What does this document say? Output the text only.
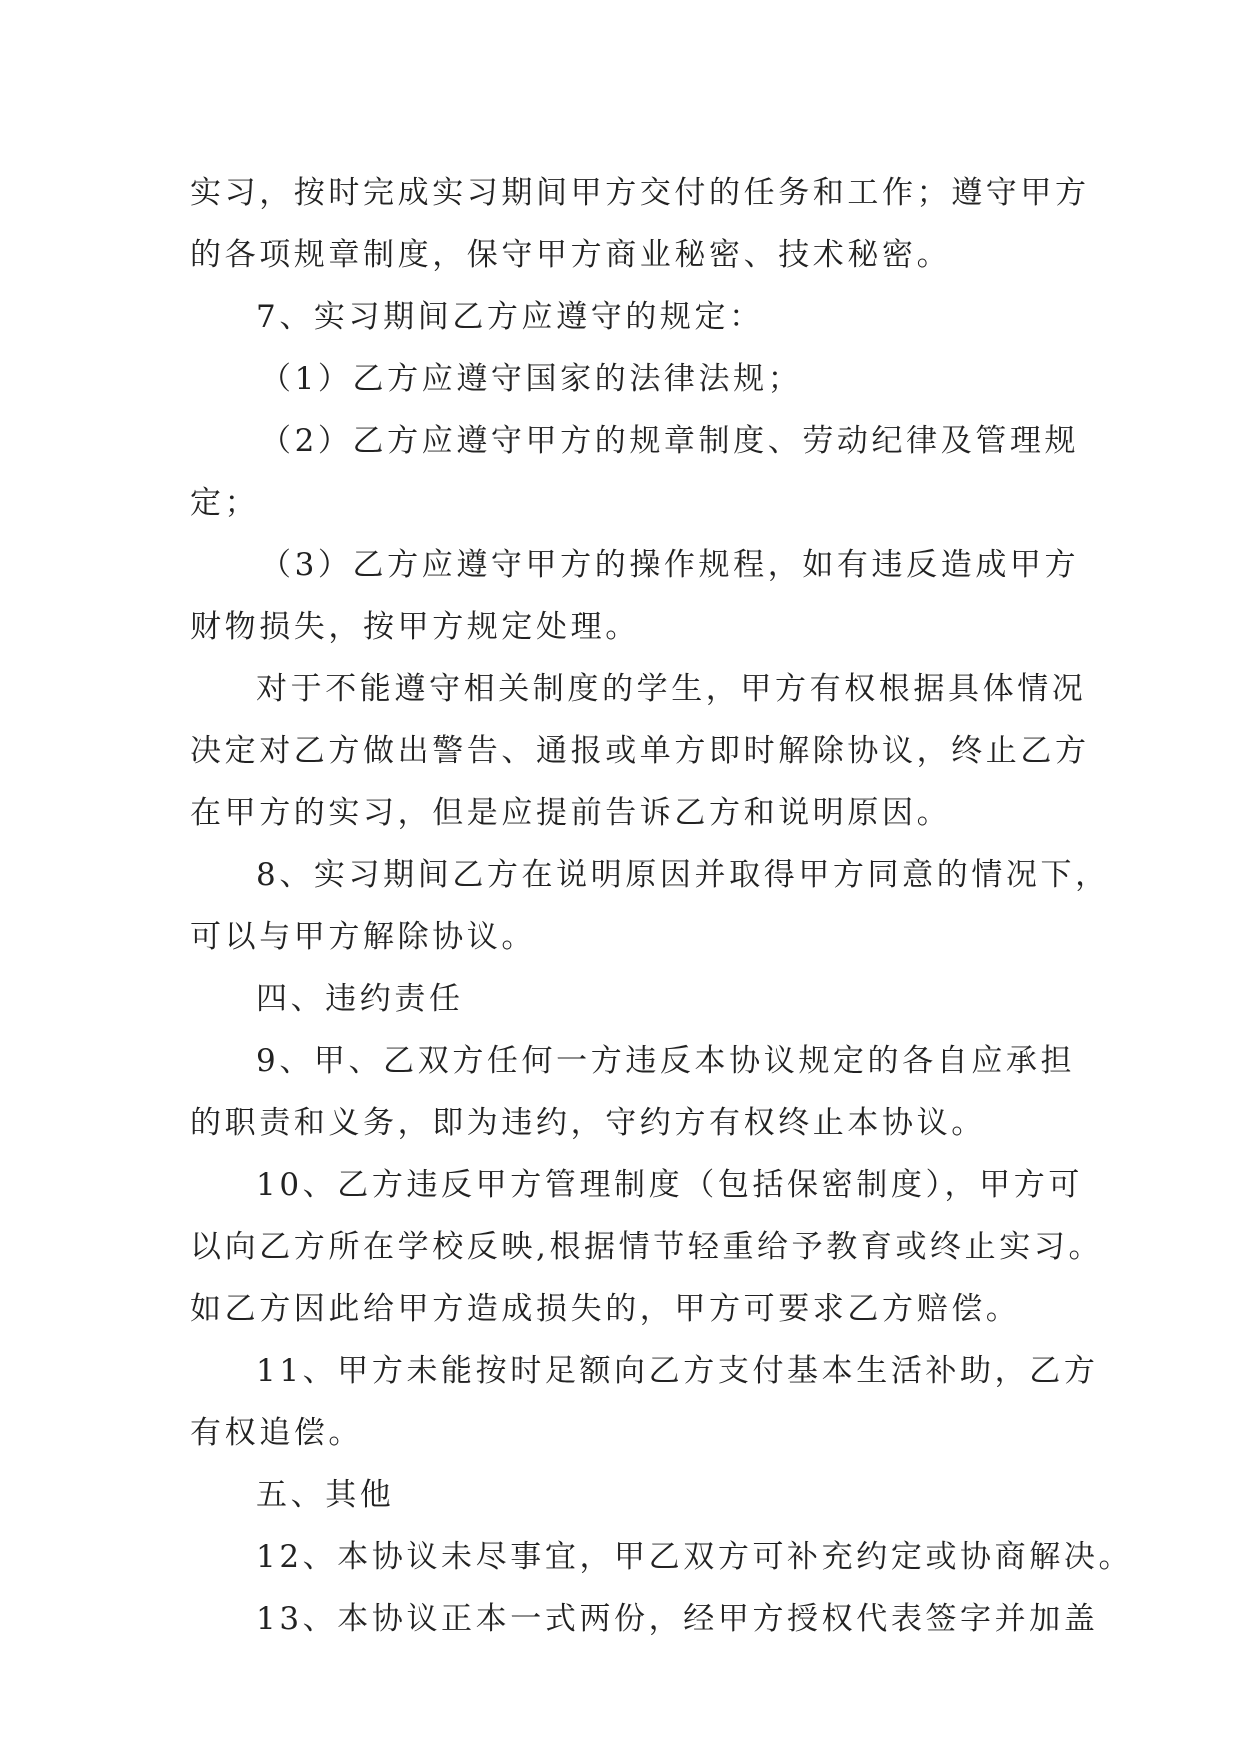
实习，按时完成实习期间甲方交付的任务和工作；遵守甲方
的各项规章制度，保守甲方商业秘密、技术秘密。
7、实习期间乙方应遵守的规定：
（1）乙方应遵守国家的法律法规；
（2）乙方应遵守甲方的规章制度、劳动纪律及管理规
定；
（3）乙方应遵守甲方的操作规程，如有违反造成甲方
财物损失，按甲方规定处理。
对于不能遵守相关制度的学生，甲方有权根据具体情况
决定对乙方做出警告、通报或单方即时解除协议，终止乙方
在甲方的实习，但是应提前告诉乙方和说明原因。
8、实习期间乙方在说明原因并取得甲方同意的情况下，
可以与甲方解除协议。
四、违约责任
9、甲、乙双方任何一方违反本协议规定的各自应承担
的职责和义务，即为违约，守约方有权终止本协议。
10、乙方违反甲方管理制度（包括保密制度），甲方可
以向乙方所在学校反映,根据情节轻重给予教育或终止实习。
如乙方因此给甲方造成损失的，甲方可要求乙方赔偿。
11、甲方未能按时足额向乙方支付基本生活补助，乙方
有权追偿。
五、其他
12、本协议未尽事宜，甲乙双方可补充约定或协商解决。
13、本协议正本一式两份，经甲方授权代表签字并加盖
